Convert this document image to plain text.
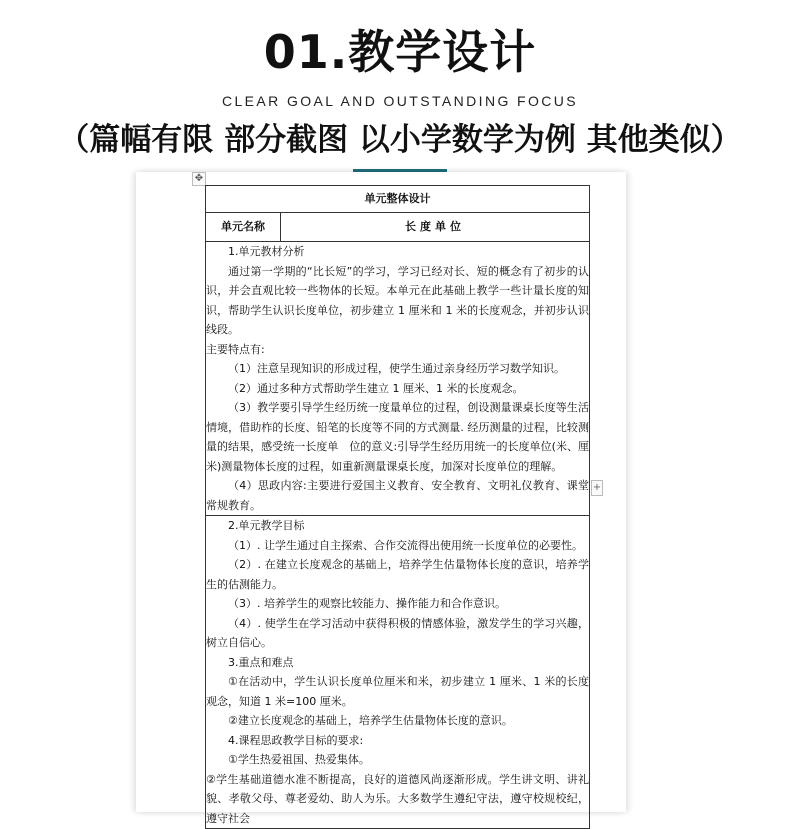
01.教学设计
CLEAR GOAL AND OUTSTANDING FOCUS
（篇幅有限 部分截图 以小学数学为例 其他类似）
✥
+
单元整体设计
单元名称	长度单位

1.单元教材分析

通过第一学期的“比长短”的学习，学习已经对长、短的概念有了初步的认识，并会直观比较一些物体的长短。本单元在此基础上教学一些计量长度的知识，帮助学生认识长度单位，初步建立 1 厘米和 1 米的长度观念，并初步认识线段。

主要特点有:

（1）注意呈现知识的形成过程，使学生通过亲身经历学习数学知识。

（2）通过多种方式帮助学生建立 1 厘米、1 米的长度观念。

（3）教学要引导学生经历统一度量单位的过程，创设测量课桌长度等生活情境，借助柞的长度、铅笔的长度等不同的方式测量. 经历测量的过程，比较测量的结果，感受统一长度单　位的意义:引导学生经历用统一的长度单位(米、厘米)测量物体长度的过程，如重新测量课桌长度，加深对长度单位的理解。

（4）思政内容:主要进行爱国主义教育、安全教育、文明礼仪教育、课堂常规教育。

2.单元教学目标

（1）. 让学生通过自主探索、合作交流得出使用统一长度单位的必要性。

（2）. 在建立长度观念的基础上，培养学生估量物体长度的意识，培养学生的估测能力。

（3）. 培养学生的观察比较能力、操作能力和合作意识。

（4）. 使学生在学习活动中获得积极的情感体验，激发学生的学习兴趣，树立自信心。

3.重点和难点

①在活动中，学生认识长度单位厘米和米，初步建立 1 厘米、1 米的长度观念，知道 1 米=100 厘米。

②建立长度观念的基础上，培养学生估量物体长度的意识。

4.课程思政教学目标的要求:

①学生热爱祖国、热爱集体。

②学生基础道德水准不断提高，良好的道德风尚逐渐形成。学生讲文明、讲礼貌、孝敬父母、尊老爱幼、助人为乐。大多数学生遵纪守法，遵守校规校纪，遵守社会
